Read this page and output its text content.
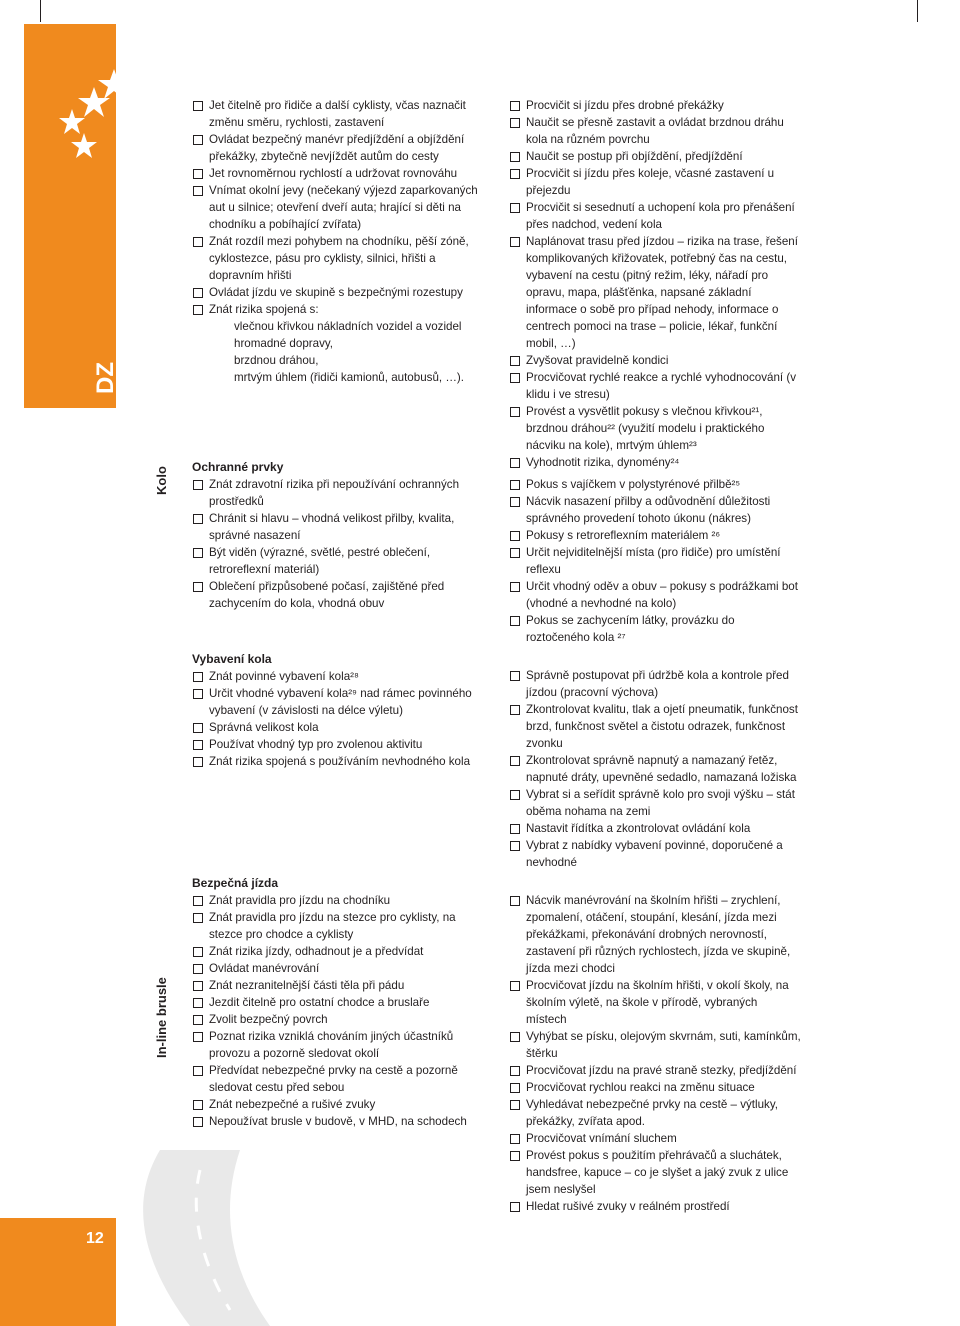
schopnosti,
dovednosti a znalosti
DZ
Kolo
In-line brusle
Jet čitelně pro řidiče a další cyklisty, včas naznačit změnu směru, rychlosti, zastavení
Ovládat bezpečný manévr předjíždění a objíždění překážky, zbytečně nevjíždět autům do cesty
Jet rovnoměrnou rychlostí a udržovat rovnováhu
Vnímat okolní jevy (nečekaný výjezd zaparkovaných aut u silnice; otevření dveří auta; hrající si děti na chodníku a pobíhající zvířata)
Znát rozdíl mezi pohybem na chodníku, pěší zóně, cyklostezce, pásu pro cyklisty, silnici, hřišti a dopravním hřišti
Ovládat jízdu ve skupině s bezpečnými rozestupy
Znát rizika spojená s:
vlečnou křivkou nákladních vozidel a vozidel hromadné dopravy,
brzdnou dráhou,
mrtvým úhlem (řidiči kamionů, autobusů, …).
Procvičit si jízdu přes drobné překážky
Naučit se přesně zastavit a ovládat brzdnou dráhu kola na různém povrchu
Naučit se postup při objíždění, předjíždění
Procvičit si jízdu přes koleje, včasné zastavení u přejezdu
Procvičit si sesednutí a uchopení kola pro přenášení přes nadchod, vedení kola
Naplánovat trasu před jízdou – rizika na trase, řešení komplikovaných křižovatek, potřebný čas na cestu, vybavení na cestu (pitný režim, léky, nářadí pro opravu, mapa, plášťěnka, napsané základní informace o sobě pro případ nehody, informace o centrech pomoci na trase – policie, lékař, funkční mobil, …)
Zvyšovat pravidelně kondici
Procvičovat rychlé reakce a rychlé vyhodnocování (v klidu i ve stresu)
Provést a vysvětlit pokusy s vlečnou křivkou²¹, brzdnou dráhou²² (využití modelu i praktického nácviku na kole), mrtvým úhlem²³
Vyhodnotit rizika, dynomény²⁴
Ochranné prvky
Znát zdravotní rizika při nepoužívání ochranných prostředků
Chránit si hlavu – vhodná velikost přilby, kvalita, správné nasazení
Být viděn (výrazné, světlé, pestré oblečení, retroreflexní materiál)
Oblečení přizpůsobené počasí, zajištěné před zachycením do kola, vhodná obuv
Pokus s vajíčkem v polystyrénové přilbě²⁵
Nácvik nasazení přilby a odůvodnění důležitosti správného provedení tohoto úkonu (nákres)
Pokusy s retroreflexním materiálem ²⁶
Určit nejviditelnější místa (pro řidiče) pro umístění reflexu
Určit vhodný oděv a obuv – pokusy s podrážkami bot (vhodné a nevhodné na kolo)
Pokus se zachycením látky, provázku do roztočeného kola ²⁷
Vybavení kola
Znát povinné vybavení kola²⁸
Určit vhodné vybavení kola²⁹ nad rámec povinného vybavení (v závislosti na délce výletu)
Správná velikost kola
Používat vhodný typ pro zvolenou aktivitu
Znát rizika spojená s používáním nevhodného kola
Správně postupovat při údržbě kola a kontrole před jízdou (pracovní výchova)
Zkontrolovat kvalitu, tlak a ojetí pneumatik, funkčnost brzd, funkčnost světel a čistotu odrazek, funkčnost zvonku
Zkontrolovat správně napnutý a namazaný řetěz, napnuté dráty, upevněné sedadlo, namazaná ložiska
Vybrat si a seřídit správně kolo pro svoji výšku – stát oběma nohama na zemi
Nastavit řídítka a zkontrolovat ovládání kola
Vybrat z nabídky vybavení povinné, doporučené a nevhodné
Bezpečná jízda
Znát pravidla pro jízdu na chodníku
Znát pravidla pro jízdu na stezce pro cyklisty, na stezce pro chodce a cyklisty
Znát rizika jízdy, odhadnout je a předvídat
Ovládat manévrování
Znát nezranitelnější části těla při pádu
Jezdit čitelně pro ostatní chodce a bruslaře
Zvolit bezpečný povrch
Poznat rizika vzniklá chováním jiných účastníků provozu a pozorně sledovat okolí
Předvídat nebezpečné prvky na cestě a pozorně sledovat cestu před sebou
Znát nebezpečné a rušivé zvuky
Nepoužívat brusle v budově, v MHD, na schodech
Nácvik manévrování na školním hřišti – zrychlení, zpomalení, otáčení, stoupání, klesání, jízda mezi překážkami, překonávání drobných nerovností, zastavení při různých rychlostech, jízda ve skupině, jízda mezi chodci
Procvičovat jízdu na školním hřišti, v okolí školy, na školním výletě, na škole v přírodě, vybraných místech
Vyhýbat se písku, olejovým skvrnám, suti, kamínkům, štěrku
Procvičovat jízdu na pravé straně stezky, předjíždění
Procvičovat rychlou reakci na změnu situace
Vyhledávat nebezpečné prvky na cestě – výtluky, překážky, zvířata apod.
Procvičovat vnímání sluchem
Provést pokus s použitím přehrávačů a sluchátek, handsfree, kapuce – co je slyšet a jaký zvuk z ulice jsem neslyšel
Hledat rušivé zvuky v reálném prostředí
12
